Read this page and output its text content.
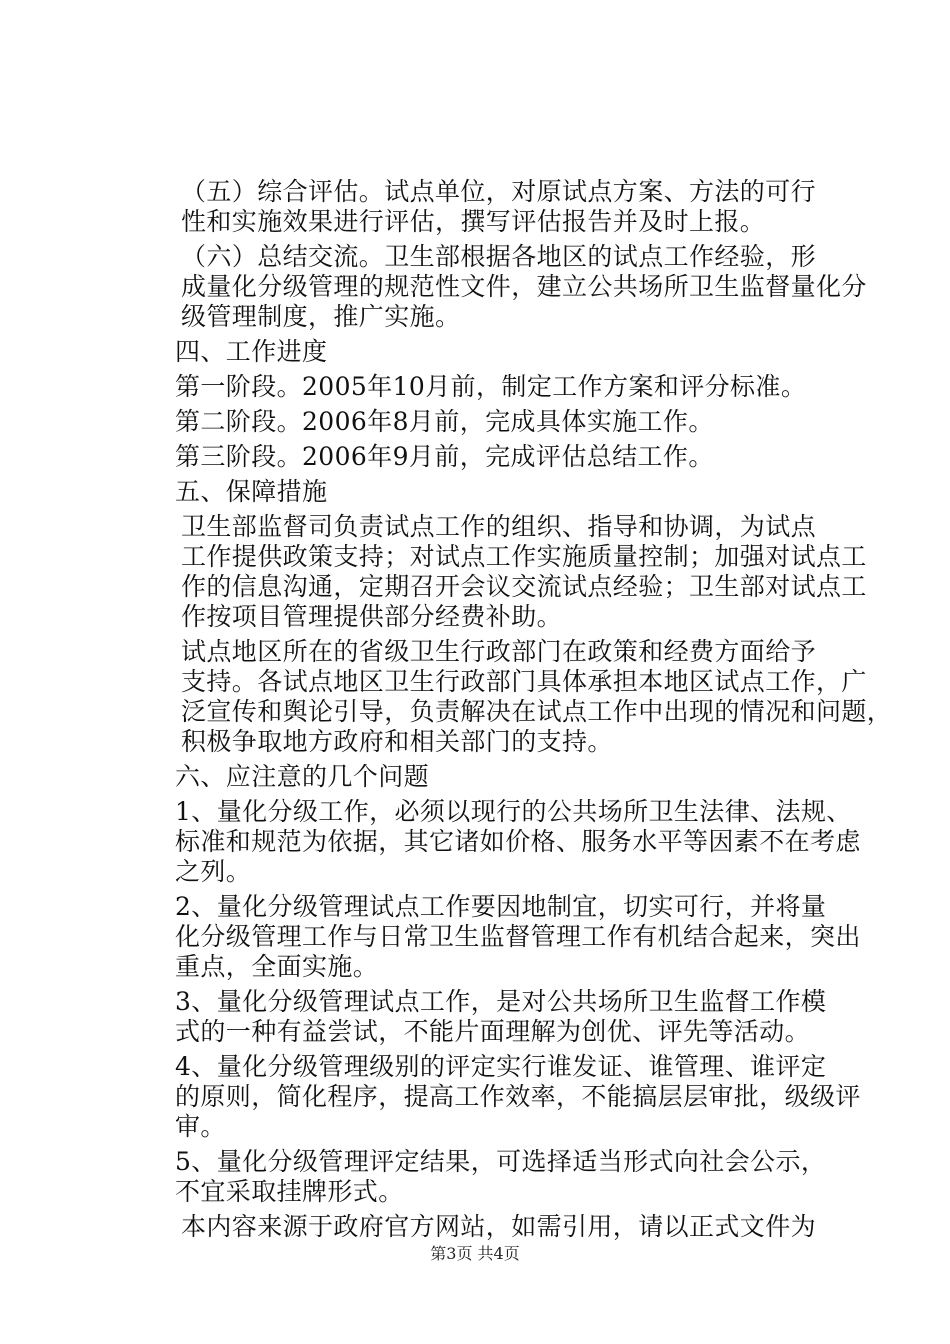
（五）综合评估。试点单位，对原试点方案、方法的可行
性和实施效果进行评估，撰写评估报告并及时上报。

（六）总结交流。卫生部根据各地区的试点工作经验，形
成量化分级管理的规范性文件，建立公共场所卫生监督量化分
级管理制度，推广实施。

四、工作进度

第一阶段。2005年10月前，制定工作方案和评分标准。

第二阶段。2006年8月前，完成具体实施工作。

第三阶段。2006年9月前，完成评估总结工作。

五、保障措施

卫生部监督司负责试点工作的组织、指导和协调，为试点
工作提供政策支持；对试点工作实施质量控制；加强对试点工
作的信息沟通，定期召开会议交流试点经验；卫生部对试点工
作按项目管理提供部分经费补助。

试点地区所在的省级卫生行政部门在政策和经费方面给予
支持。各试点地区卫生行政部门具体承担本地区试点工作，广
泛宣传和舆论引导，负责解决在试点工作中出现的情况和问题，
积极争取地方政府和相关部门的支持。

六、应注意的几个问题

1、量化分级工作，必须以现行的公共场所卫生法律、法规、
标准和规范为依据，其它诸如价格、服务水平等因素不在考虑
之列。

2、量化分级管理试点工作要因地制宜，切实可行，并将量
化分级管理工作与日常卫生监督管理工作有机结合起来，突出
重点，全面实施。

3、量化分级管理试点工作，是对公共场所卫生监督工作模
式的一种有益尝试，不能片面理解为创优、评先等活动。

4、量化分级管理级别的评定实行谁发证、谁管理、谁评定
的原则，简化程序，提高工作效率，不能搞层层审批，级级评
审。

5、量化分级管理评定结果，可选择适当形式向社会公示，
不宜采取挂牌形式。

本内容来源于政府官方网站，如需引用，请以正式文件为

第3页 共4页
